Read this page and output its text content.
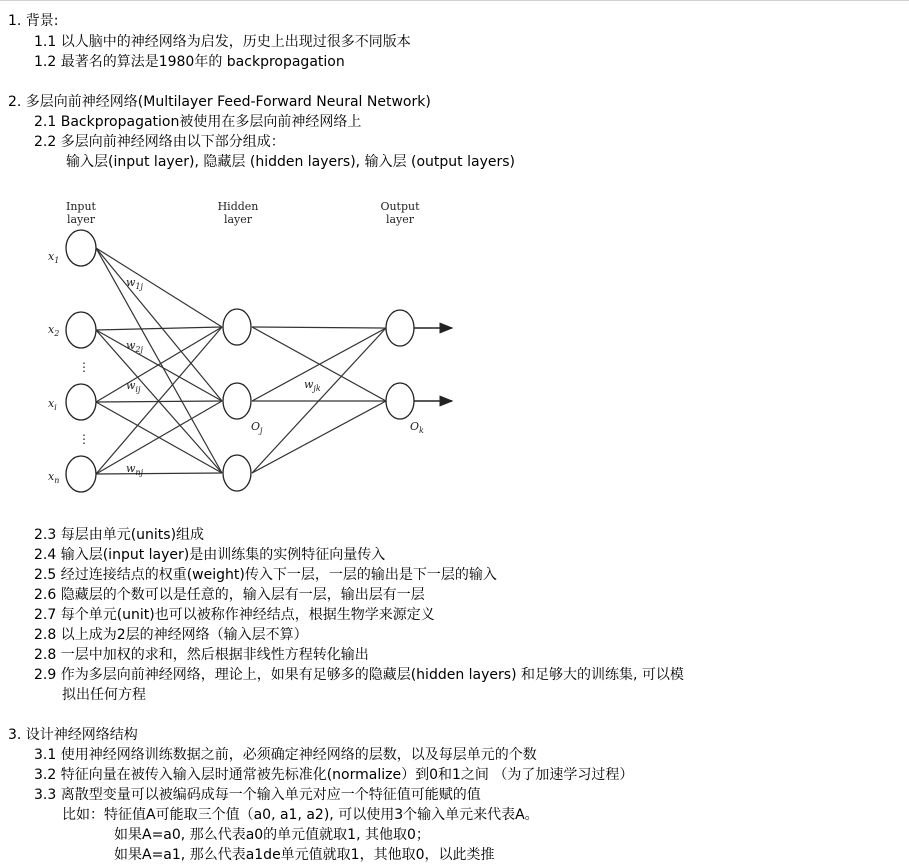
1. 背景:
1.1 以人脑中的神经网络为启发，历史上出现过很多不同版本
1.2 最著名的算法是1980年的 backpropagation
2. 多层向前神经网络(Multilayer Feed-Forward Neural Network)
2.1 Backpropagation被使用在多层向前神经网络上
2.2 多层向前神经网络由以下部分组成：
输入层(input layer), 隐藏层 (hidden layers), 输入层 (output layers)
Input
layer
Hidden
layer
Output
layer
$x_1$
$x_2$
$x_i$
$x_n$
⋮
⋮
$w_{1j}$
$w_{2j}$
$w_{ij}$
$w_{nj}$
$w_{jk}$
$O_j$	$O_k$
2.3 每层由单元(units)组成
2.4 输入层(input layer)是由训练集的实例特征向量传入
2.5 经过连接结点的权重(weight)传入下一层，一层的输出是下一层的输入
2.6 隐藏层的个数可以是任意的，输入层有一层，输出层有一层
2.7 每个单元(unit)也可以被称作神经结点，根据生物学来源定义
2.8 以上成为2层的神经网络（输入层不算）
2.8 一层中加权的求和，然后根据非线性方程转化输出
2.9 作为多层向前神经网络，理论上，如果有足够多的隐藏层(hidden layers) 和足够大的训练集, 可以模
拟出任何方程
3. 设计神经网络结构
3.1 使用神经网络训练数据之前，必须确定神经网络的层数，以及每层单元的个数
3.2 特征向量在被传入输入层时通常被先标准化(normalize）到0和1之间 （为了加速学习过程）
3.3 离散型变量可以被编码成每一个输入单元对应一个特征值可能赋的值
比如：特征值A可能取三个值（a0, a1, a2), 可以使用3个输入单元来代表A。
如果A=a0, 那么代表a0的单元值就取1, 其他取0；
如果A=a1, 那么代表a1de单元值就取1，其他取0，以此类推
